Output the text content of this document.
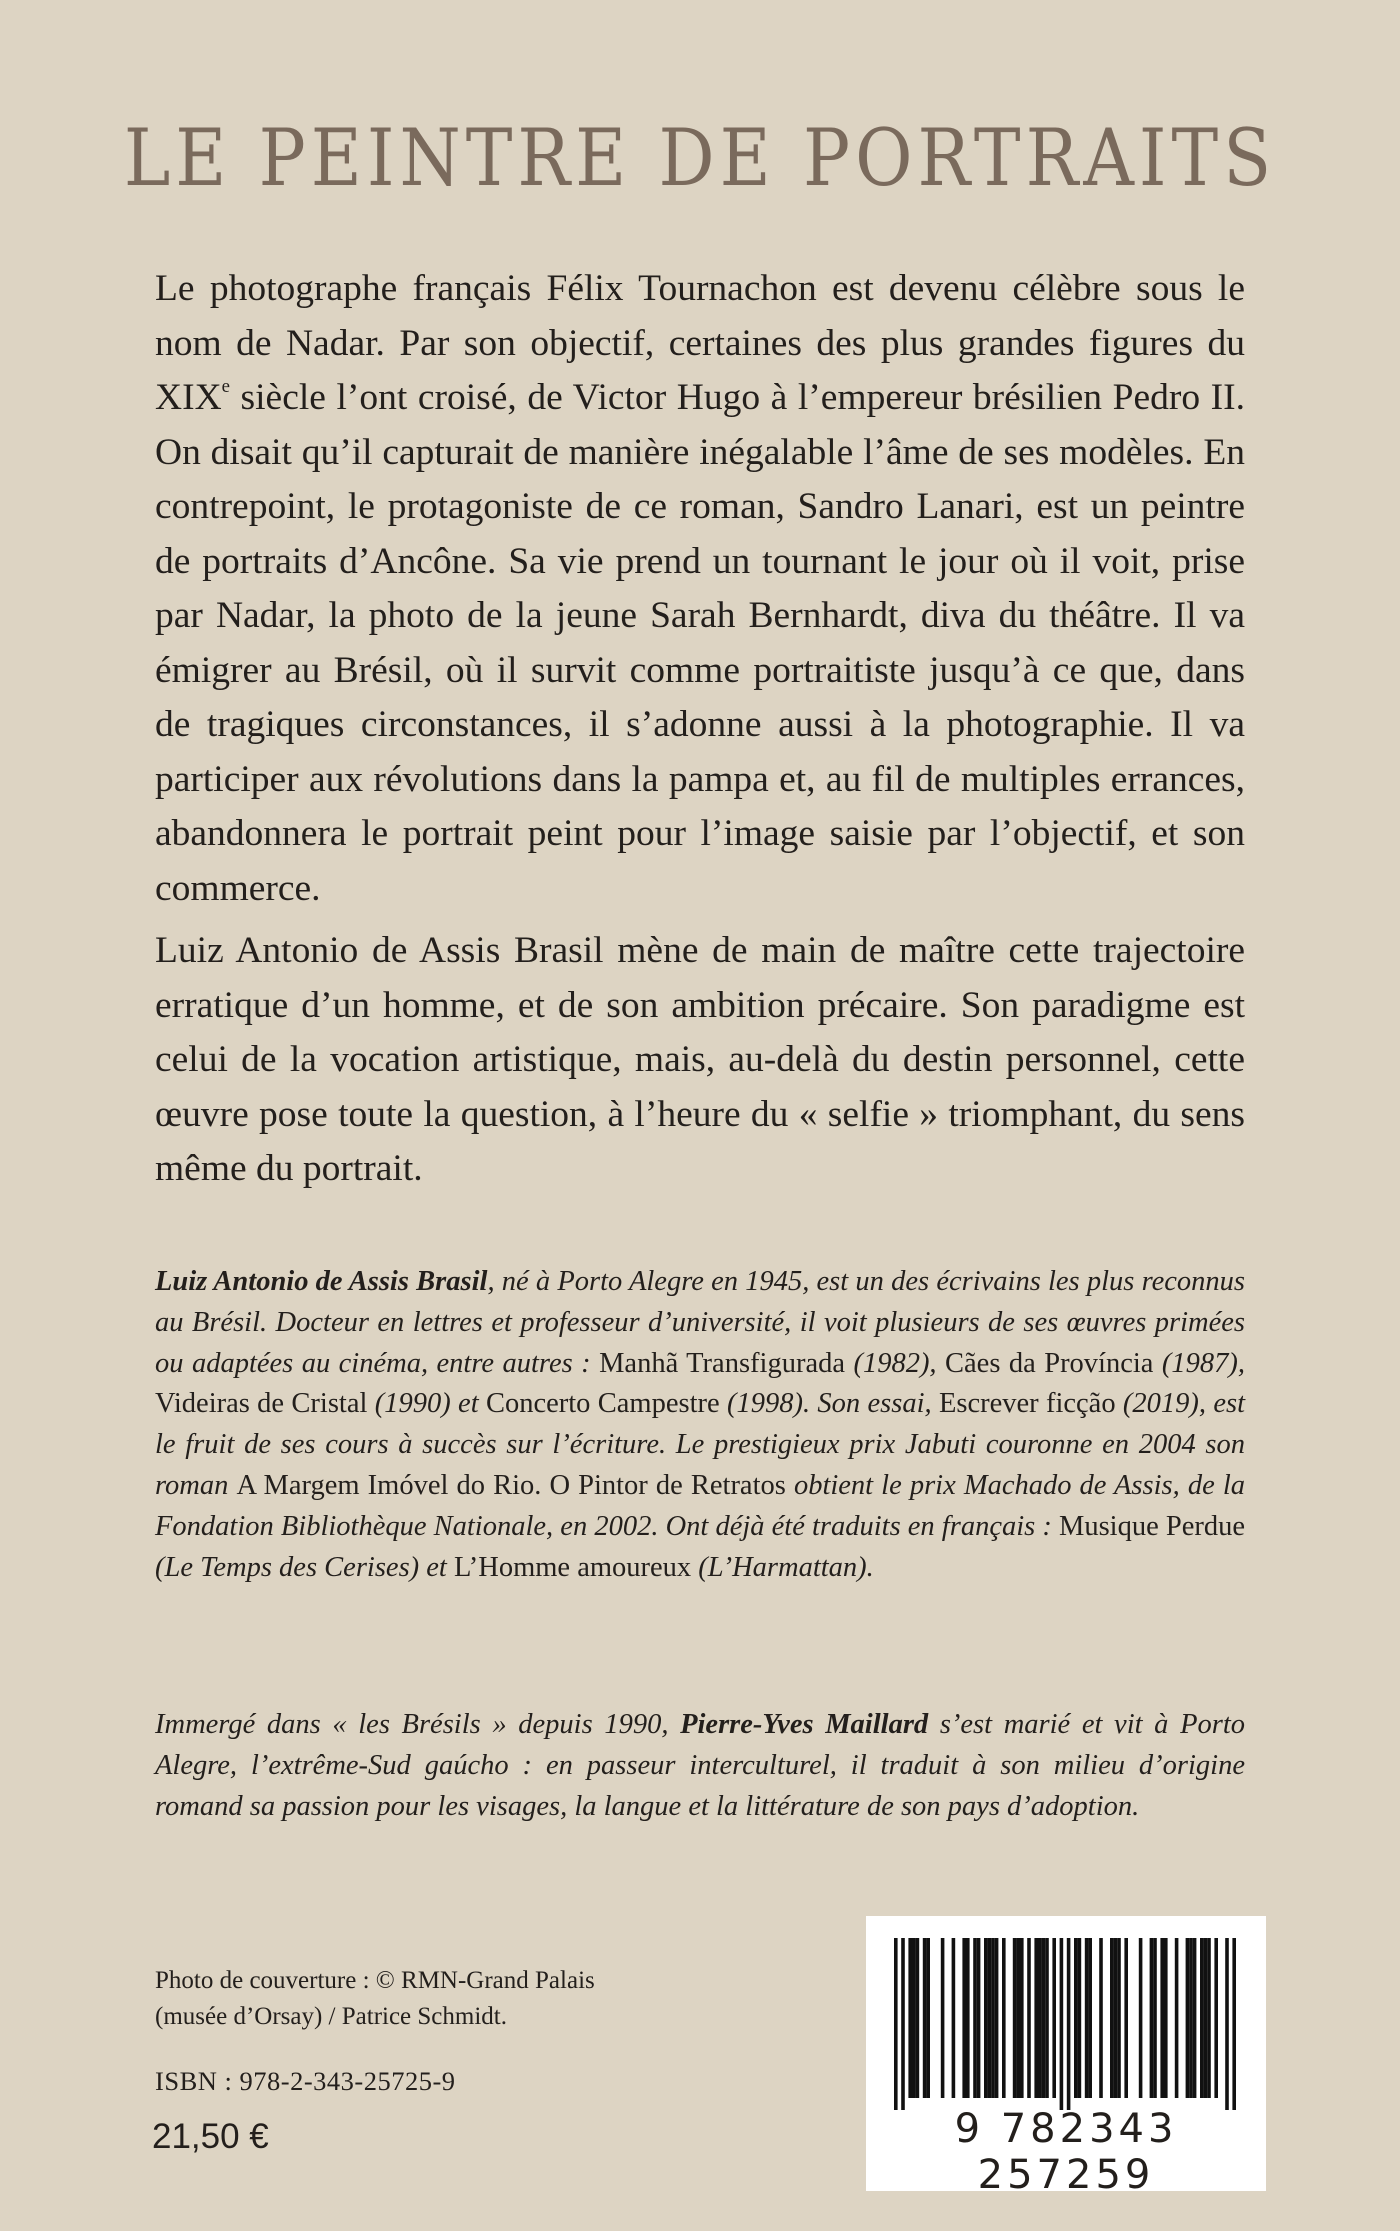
LE PEINTRE DE PORTRAITS

Le photographe français Félix Tournachon est devenu célèbre sous le nom de Nadar. Par son objectif, certaines des plus grandes figures du XIXe siècle l’ont croisé, de Victor Hugo à l’empereur brésilien Pedro II. On disait qu’il capturait de manière inégalable l’âme de ses modèles. En contrepoint, le protagoniste de ce roman, Sandro Lanari, est un peintre de portraits d’Ancône. Sa vie prend un tournant le jour où il voit, prise par Nadar, la photo de la jeune Sarah Bernhardt, diva du théâtre. Il va émigrer au Brésil, où il survit comme portraitiste jusqu’à ce que, dans de tragiques circonstances, il s’adonne aussi à la photographie. Il va participer aux révolutions dans la pampa et, au fil de multiples errances, abandonnera le portrait peint pour l’image saisie par l’objectif, et son commerce.

Luiz Antonio de Assis Brasil mène de main de maître cette trajectoire erratique d’un homme, et de son ambition précaire. Son paradigme est celui de la vocation artistique, mais, au-delà du destin personnel, cette œuvre pose toute la question, à l’heure du « selfie » triomphant, du sens même du portrait.

Luiz Antonio de Assis Brasil, né à Porto Alegre en 1945, est un des écrivains les plus reconnus au Brésil. Docteur en lettres et professeur d’université, il voit plusieurs de ses œuvres primées ou adaptées au cinéma, entre autres : Manhã Transfigurada (1982), Cães da Província (1987), Videiras de Cristal (1990) et Concerto Campestre (1998). Son essai, Escrever ficção (2019), est le fruit de ses cours à succès sur l’écriture. Le prestigieux prix Jabuti couronne en 2004 son roman A Margem Imóvel do Rio. O Pintor de Retratos obtient le prix Machado de Assis, de la Fondation Bibliothèque Nationale, en 2002. Ont déjà été traduits en français : Musique Perdue (Le Temps des Cerises) et L’Homme amoureux (L’Harmattan).

Immergé dans « les Brésils » depuis 1990, Pierre-Yves Maillard s’est marié et vit à Porto Alegre, l’extrême-Sud gaúcho : en passeur interculturel, il traduit à son milieu d’origine romand sa passion pour les visages, la langue et la littérature de son pays d’adoption.

Photo de couverture : © RMN-Grand Palais
(musée d’Orsay) / Patrice Schmidt.

ISBN : 978-2-343-25725-9

21,50 €	9 782343 257259
